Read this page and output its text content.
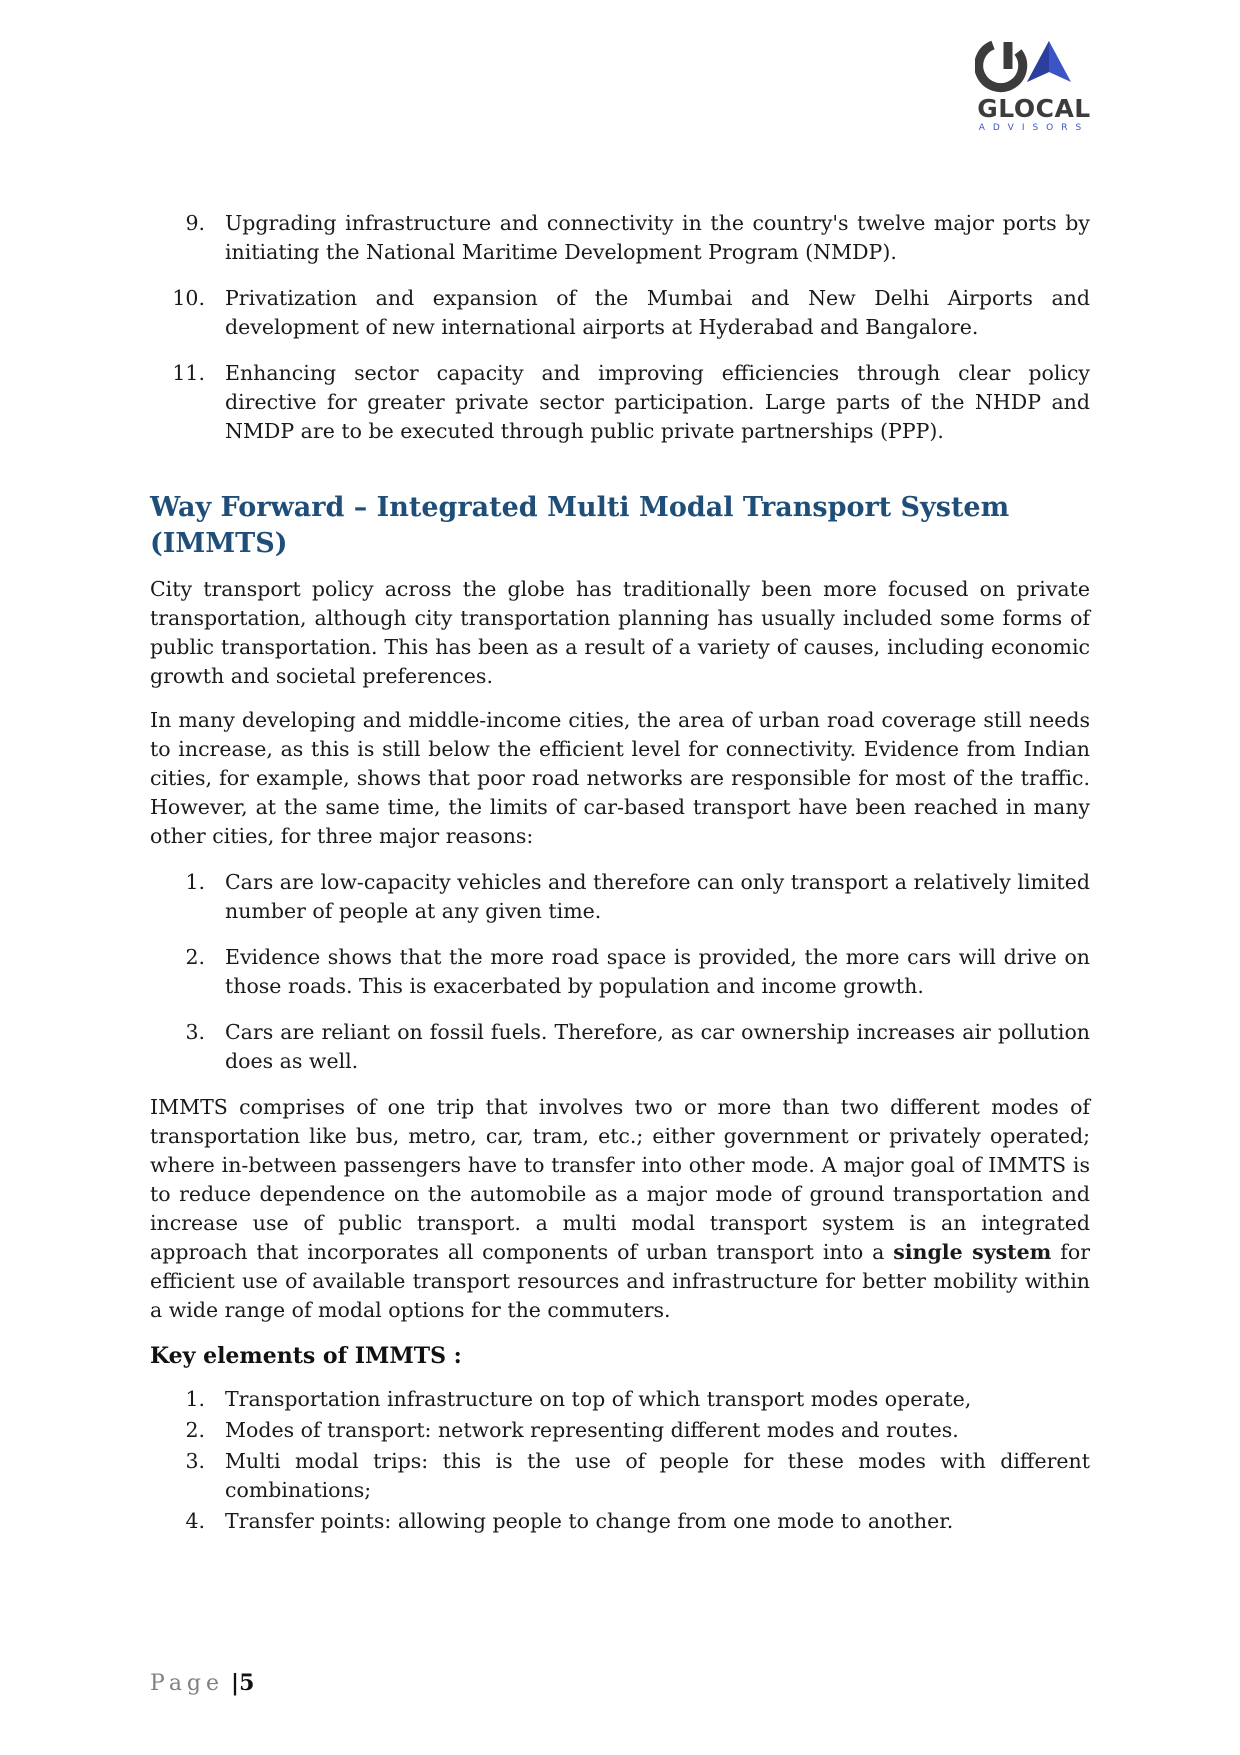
GLOCAL
ADVISORS
9. Upgrading infrastructure and connectivity in the country's twelve major ports by initiating the National Maritime Development Program (NMDP).
10. Privatization and expansion of the Mumbai and New Delhi Airports and development of new international airports at Hyderabad and Bangalore.
11. Enhancing sector capacity and improving efficiencies through clear policy directive for greater private sector participation. Large parts of the NHDP and NMDP are to be executed through public private partnerships (PPP).
Way Forward – Integrated Multi Modal Transport System (IMMTS)

City transport policy across the globe has traditionally been more focused on private transportation, although city transportation planning has usually included some forms of public transportation. This has been as a result of a variety of causes, including economic growth and societal preferences.

In many developing and middle-income cities, the area of urban road coverage still needs to increase, as this is still below the efficient level for connectivity. Evidence from Indian cities, for example, shows that poor road networks are responsible for most of the traffic. However, at the same time, the limits of car-based transport have been reached in many other cities, for three major reasons:

1. Cars are low-capacity vehicles and therefore can only transport a relatively limited number of people at any given time.
2. Evidence shows that the more road space is provided, the more cars will drive on those roads. This is exacerbated by population and income growth.
3. Cars are reliant on fossil fuels. Therefore, as car ownership increases air pollution does as well.

IMMTS comprises of one trip that involves two or more than two different modes of transportation like bus, metro, car, tram, etc.; either government or privately operated; where in-between passengers have to transfer into other mode. A major goal of IMMTS is to reduce dependence on the automobile as a major mode of ground transportation and increase use of public transport. a multi modal transport system is an integrated approach that incorporates all components of urban transport into a single system for efficient use of available transport resources and infrastructure for better mobility within a wide range of modal options for the commuters.

Key elements of IMMTS :
1. Transportation infrastructure on top of which transport modes operate,
2. Modes of transport: network representing different modes and routes.
3. Multi modal trips: this is the use of people for these modes with different combinations;
4. Transfer points: allowing people to change from one mode to another.
Page |5
